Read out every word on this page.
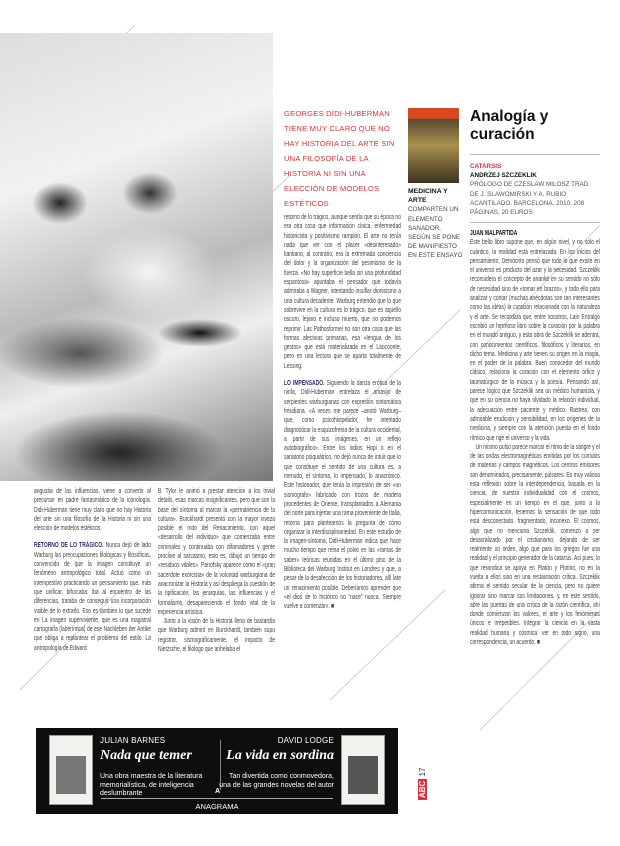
GEORGES DIDI-HUBERMAN TIENE MUY CLARO QUE NO HAY HISTORIA DEL ARTE SIN UNA FILOSOFÍA DE LA HISTORIA NI SIN UNA ELECCIÓN DE MODELOS ESTÉTICOS

angustia de las influencias, viene a convertir al precursor en padre fantasmático de la iconología. Didi-Huberman tiene muy claro que no hay Historia del arte sin una filosofía de la Historia ni sin una elección de modelos estéticos.

RETORNO DE LO TRÁGICO. Nunca dejó de lado Warburg las preocupaciones filológicas y filosóficas, convencido de que la imagen constituye un fenómeno antropológico total. Actuó como un intempestivo practicando un pensamiento que, más que unificar, bifurcaba: iba al encuentro de las diferencias, trataba de conseguir una incorporación visible de lo extraño. Eso es también lo que sucede en La imagen superviviente, que es una magistral cartografía (laberíntica) de ese Nachleben der Antike que obliga a replantear el problema del estilo. La antropología de Edward

B. Tylor le animó a prestar atención a los trivial details, esas marcas insignificantes, pero que son la base del síntoma al marcar la «permanencia de la cultura». Burckhardt presentó con la mayor viveza posible el mito del Renacimiento, con aquel «desarrollo del individuo» que comenzaba entre criminales y continuaba con difamadores y gente proclive al sarcasmo, esto es, dibujó un tiempo de «residuos vitales». Panofsky aparece como el «gran sacerdote exorcista» de la voluntad warburgiana de anacronizar la Historia y así despliega la cuestión de la tipificación, las jerarquías, las influencias y el formalismo, desapareciendo el fondo vital de la experiencia artística.

Junto a la visión de la Historia llena de bastardía que Warburg admiró en Burckhardt, también supo registrar, sismográficamente, el impacto de Nietzsche, el filólogo que anhelaba el

retorno de lo trágico, aunque sentía que su época no era otra cosa que información cínica, enfermedad historicista y positivismo ramplón. El arte no tenía nada que ver con el placer «desinteresado» kantiano, al contrario, era la extremada conciencia del dolor y la organización del pesimismo de la fuerza. «No hay superficie bella sin una profundidad espantosa» apuntaba el pensador que todavía admiraba a Wagner, intentando insuflar dionisismo a una cultura decadente. Warburg entendió que lo que sobrevive en la cultura es lo trágico, que es aquello oscuro, lejano e incluso muerto, que no podemos reprimir. Las Pathosformel no son otra cosa que las formas afectivas primarias, esa «lengua de los gestos» que está materializada en el Laocoonte, pero en una lectura que se aparta totalmente de Lessing.

LO IMPENSADO. Siguiendo la danza erótica de la ninfa, Didi-Huberman entrelaza el amasijo de serpientes warburgianas con expresión sintomática freudiana. «A veces me parece –anotó Warburg– que, como psicohistoriador, he intentado diagnosticar la esquizofrenia de la cultura occidental, a partir de sus imágenes, en un reflejo autobiográfico». Entre los indios Hopi o en el sanatorio psiquiátrico, no dejó nunca de intuir que lo que constituye el sentido de una cultura es, a menudo, el síntoma, lo impensado, lo anacrónico. Este historiador, que tenía la impresión de ser «un sismógrafo» fabricado con trozos de madera procedentes de Oriente, transplantados a Alemania del norte para injertar una rama proveniente de Italia, retorna para plantearnos la pregunta de cómo organizar la interdisciplinariedad. En este estudio de la imagen-síntoma, Didi-Huberman indica que hace mucho tiempo que reina el polvo en las «ramas de saber» teóricas reunidas en el último piso de la Biblioteca del Warburg Institut en Londres y que, a pesar de la desafección de los historiadores, allí late un renacimiento posible. Deberíamos aprender que «el dios de lo histórico no “nace” nunca. Siempre vuelve a comenzar». ■

MEDICINA Y ARTE
COMPARTEN UN ELEMENTO SANADOR, SEGÚN SE PONE DE MANIFIESTO EN ESTE ENSAYO
Analogía y curación
CATARSIS
ANDRZEJ SZCZEKLIK
PRÓLOGO DE CZESLAW MILOSZ TRAD. DE J. SLAWOMIRSKI Y A. RUBIO ACANTILADO. BARCELONA, 2010. 208 PÁGINAS, 20 EUROS

JUAN MALPARTIDA

Este bello libro supone que, en algún nivel, y no sólo el cuántico, la realidad está entrelazada. En los inicios del pensamiento, Demócrito pensó que todo lo que existe en el universo es producto del azar y la necesidad. Szczeklik reconsidera el concepto de ananké en su sentido no sólo de necesidad sino de «tomar en brazos», y todo ello para analizar y contar (muchas anécdotas son tan interesantes como las ideas) la curación relacionada con la naturaleza y el arte. Se recordará que, entre nosotros, Laín Entralgo escribió un hermoso libro sobre la curación por la palabra en el mundo antiguo, y esta obra de Szczeklik se adentra, con conocimientos científicos, filosóficos y literarios, en dicho tema. Medicina y arte tienen su origen en la magia, en el poder de la palabra. Buen conocedor del mundo clásico, relaciona la curación con el elemento órfico y taumatúrgico de la música y la poesía. Pensando así, parece lógico que Szczeklik sea un médico humanista, y que en su ciencia no haya olvidado la relación individual, la adecuación entre paciente y médico. Rastrea, con admirable erudición y sensibilidad, en los orígenes de la medicina, y siempre con la atención puesta en el fondo rítmico que rige el universo y la vida.

Un mismo pulso parece marcar el ritmo de la sangre y el de las ondas electromagnéticas emitidas por los cúmulos de materias y campos magnéticos. Los centros emisores son denominados, precisamente, púlsares. Es muy valiosa esta reflexión sobre la interdependencia, basada en la ciencia, de nuestra individualidad con el cosmos, especialmente en un tiempo en el que, junto a la hipercomunicación, tenemos la sensación de que todo está desconectado, fragmentado, inconexo. El cosmos, algo que no menciona Szczeklik, comenzó a ser desacralizado por el cristianismo, dejando de ser realmente un orden, algo que para los griegos fue una realidad y el principio generador de la catarsis. Así pues, lo que reivindica se apoya en Platón y Plotino, no en la vuelta a ellos sino en una restauración crítica. Szczeklik afirma el sentido secular de la ciencia, pero no quiere ignorar sino marcar sus limitaciones, y, en este sentido, abre las puertas de una crítica de la razón científica, ahí donde comienzan los valores, el arte y los fenómenos únicos e irrepetibles. Integrar la ciencia en la vasta realidad humana y cósmica: ver en todo signo, una correspondencia, un acuerdo. ■

JULIAN BARNES
Nada que temer
Una obra maestra de la literatura memorialística, de inteligencia deslumbrante
DAVID LODGE
La vida en sordina
Tan divertida como conmovedora, una de las grandes novelas del autor
A
ANAGRAMA
ABC 17
